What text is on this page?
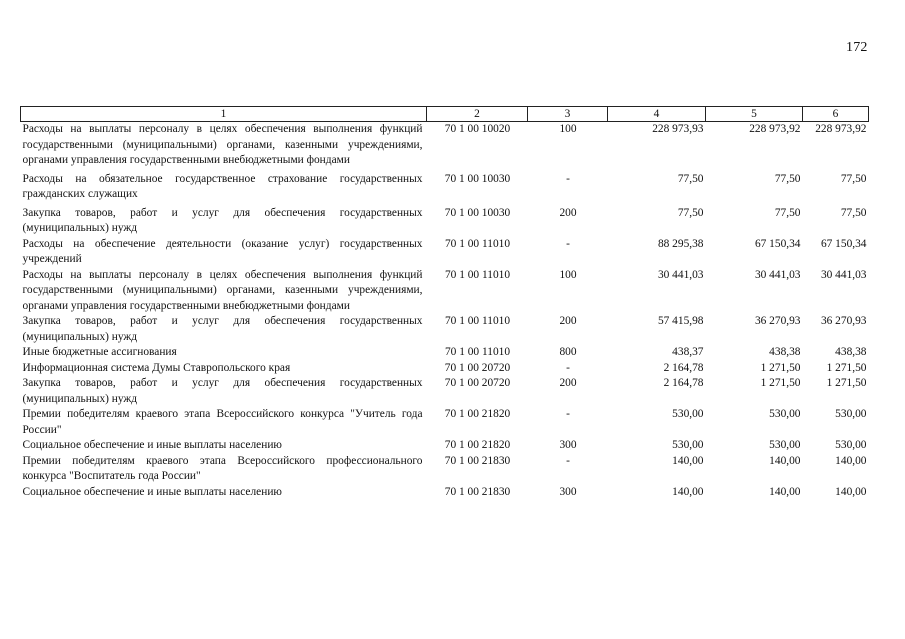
172
1	2	3	4	5	6
Расходы на выплаты персоналу в целях обеспечения выполнения функций государственными (муниципальными) органами, казенными учреждениями, органами управления государственными внебюджетными фондами	70 1 00 10020	100	228 973,93	228 973,92	228 973,92
Расходы на обязательное государственное страхование государственных гражданских служащих	70 1 00 10030	-	77,50	77,50	77,50
Закупка товаров, работ и услуг для обеспечения государственных (муниципальных) нужд	70 1 00 10030	200	77,50	77,50	77,50
Расходы на обеспечение деятельности (оказание услуг) государственных учреждений	70 1 00 11010	-	88 295,38	67 150,34	67 150,34
Расходы на выплаты персоналу в целях обеспечения выполнения функций государственными (муниципальными) органами, казенными учреждениями, органами управления государственными внебюджетными фондами	70 1 00 11010	100	30 441,03	30 441,03	30 441,03
Закупка товаров, работ и услуг для обеспечения государственных (муниципальных) нужд	70 1 00 11010	200	57 415,98	36 270,93	36 270,93
Иные бюджетные ассигнования	70 1 00 11010	800	438,37	438,38	438,38
Информационная система Думы Ставропольского края	70 1 00 20720	-	2 164,78	1 271,50	1 271,50
Закупка товаров, работ и услуг для обеспечения государственных (муниципальных) нужд	70 1 00 20720	200	2 164,78	1 271,50	1 271,50
Премии победителям краевого этапа Всероссийского конкурса "Учитель года России"	70 1 00 21820	-	530,00	530,00	530,00
Социальное обеспечение и иные выплаты населению	70 1 00 21820	300	530,00	530,00	530,00
Премии победителям краевого этапа Всероссийского профессионального конкурса "Воспитатель года России"	70 1 00 21830	-	140,00	140,00	140,00
Социальное обеспечение и иные выплаты населению	70 1 00 21830	300	140,00	140,00	140,00
